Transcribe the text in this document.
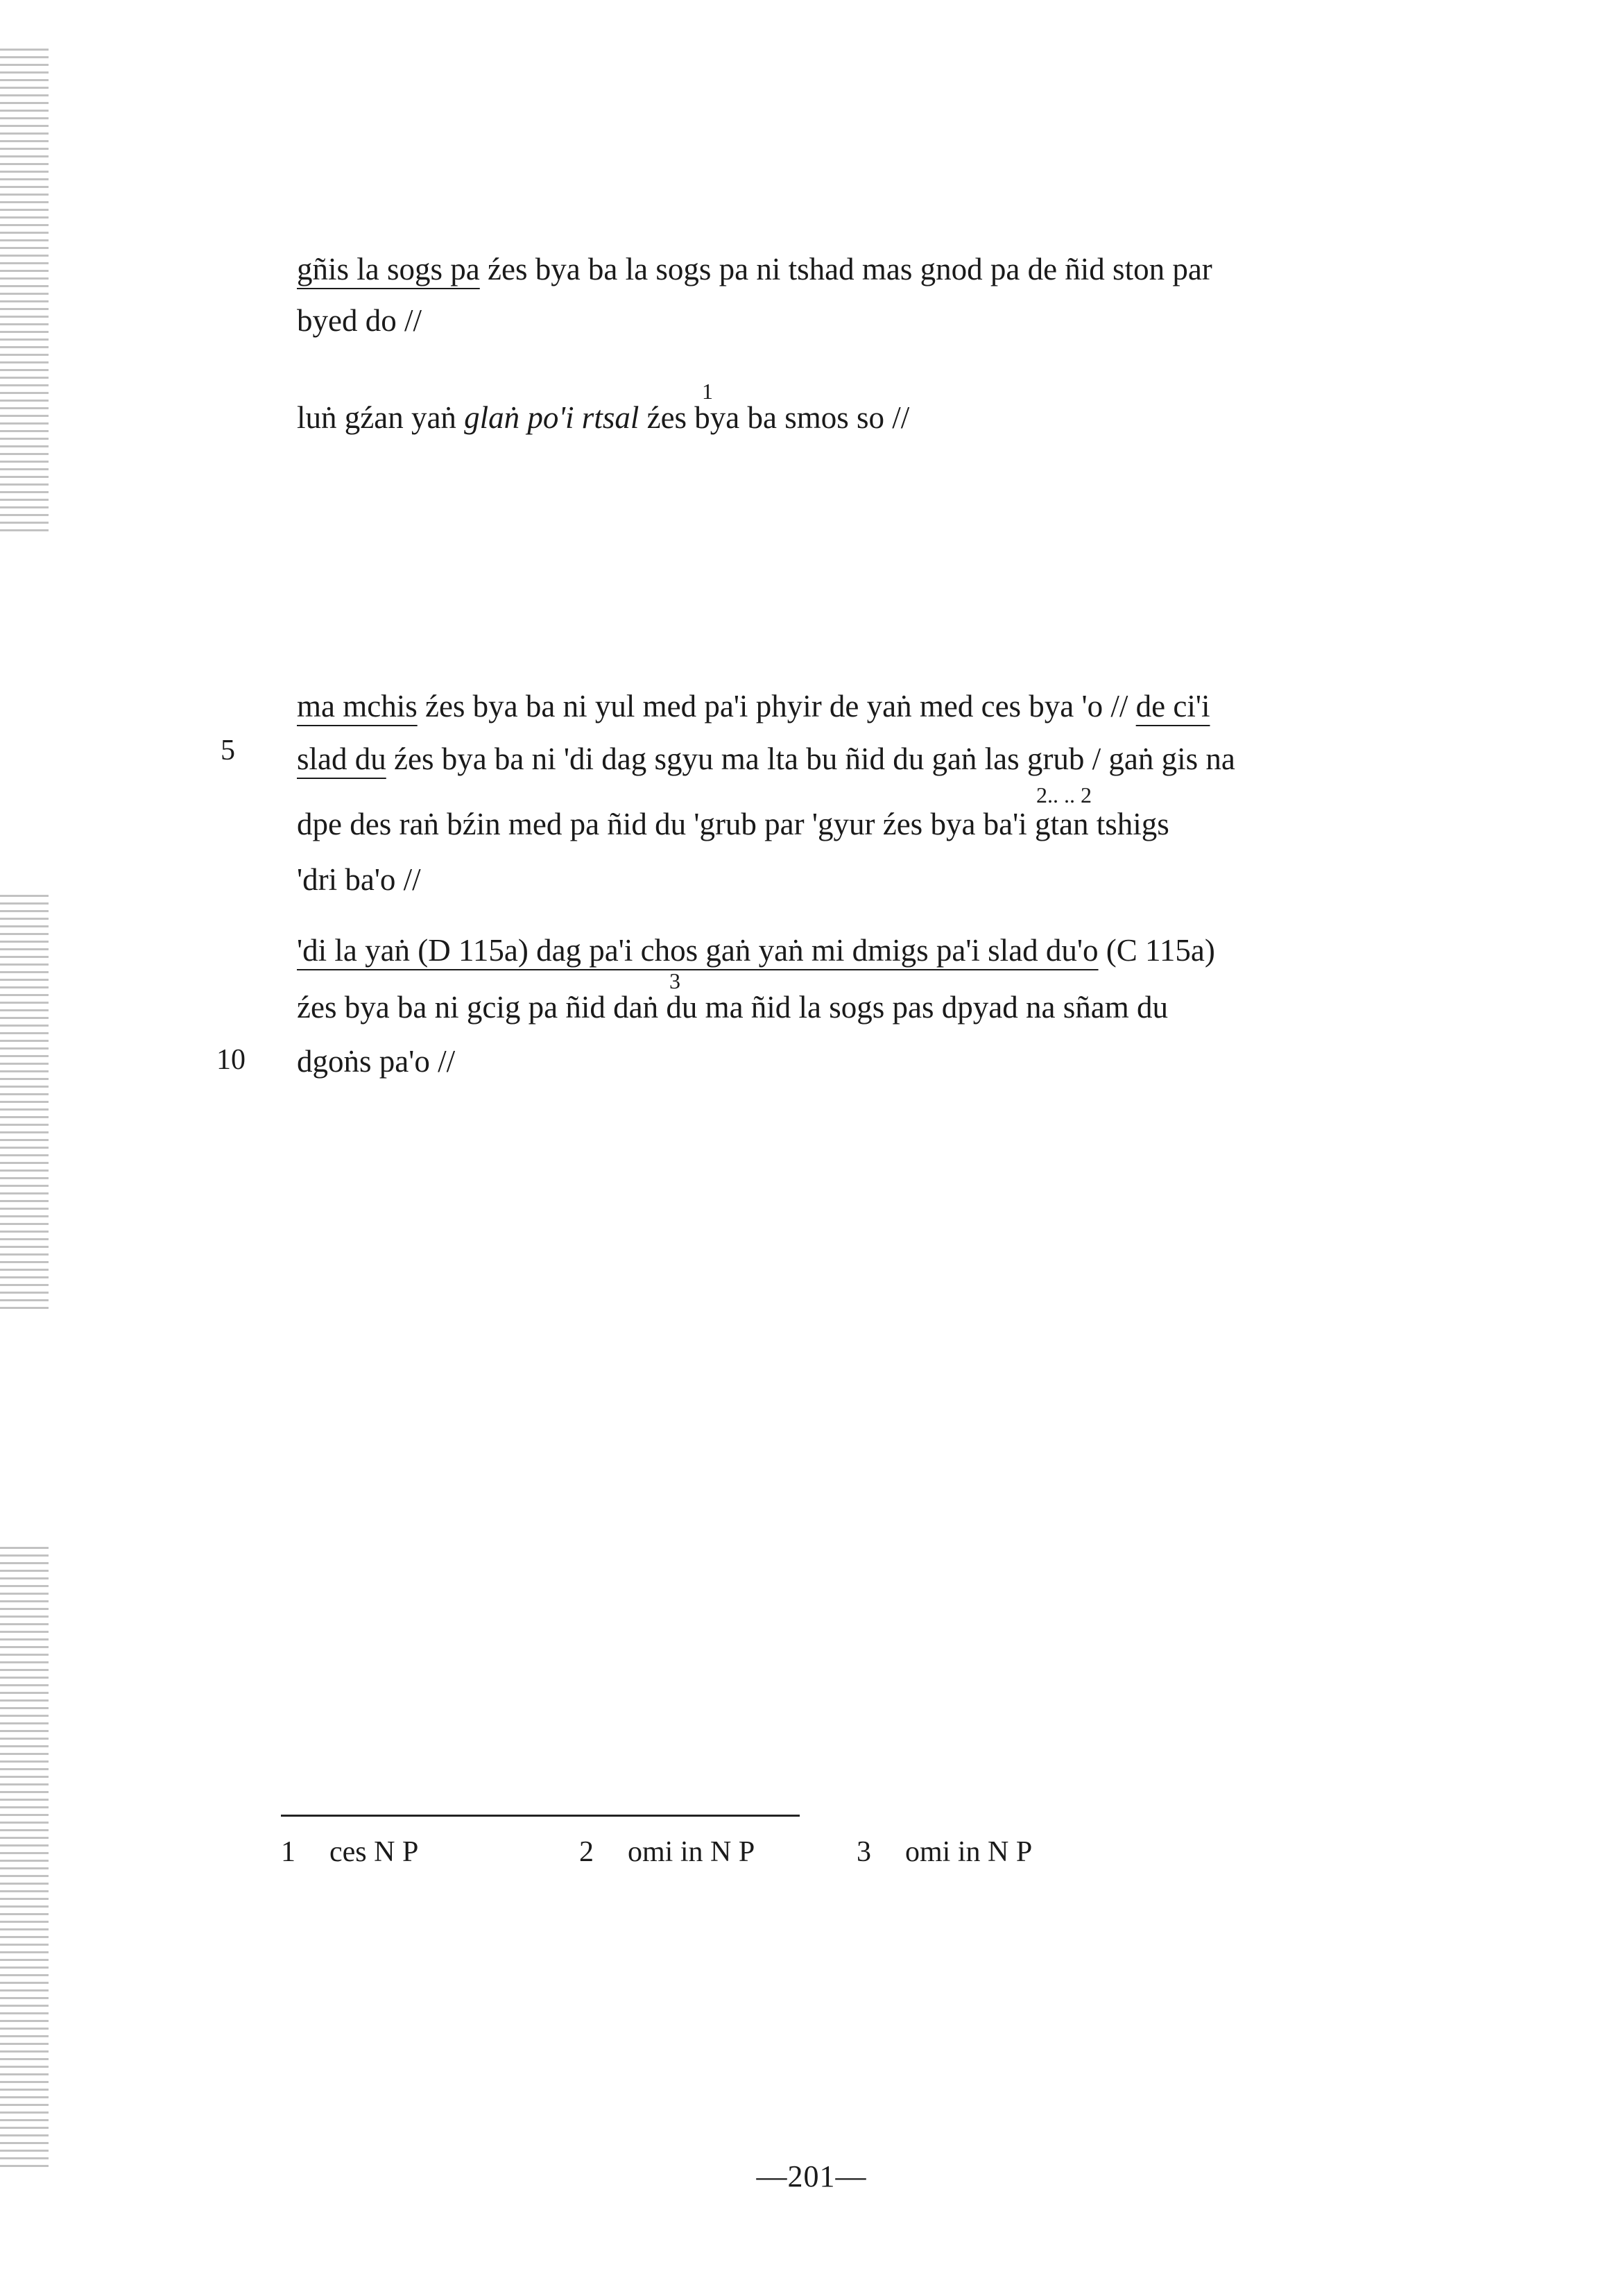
gñis la sogs pa źes bya ba la sogs pa ni tshad mas gnod pa de ñid ston par
byed do //
luṅ gźan yaṅ glaṅ po'i rtsal źes bya ba smos so //
1
ma mchis źes bya ba ni yul med pa'i phyir de yaṅ med ces bya 'o // de ci'i
slad du źes bya ba ni 'di dag sgyu ma lta bu ñid du gaṅ las grub / gaṅ gis na
5
2.. .. 2
dpe des raṅ bźin med pa ñid du 'grub par 'gyur źes bya ba'i gtan tshigs
'dri ba'o //
'di la yaṅ (D 115a) dag pa'i chos gaṅ yaṅ mi dmigs pa'i slad du'o (C 115a)
3
źes bya ba ni gcig pa ñid daṅ du ma ñid la sogs pas dpyad na sñam du
dgoṅs pa'o //
10
1 ces N P	2 omi in N P	3 omi in N P
—201—
